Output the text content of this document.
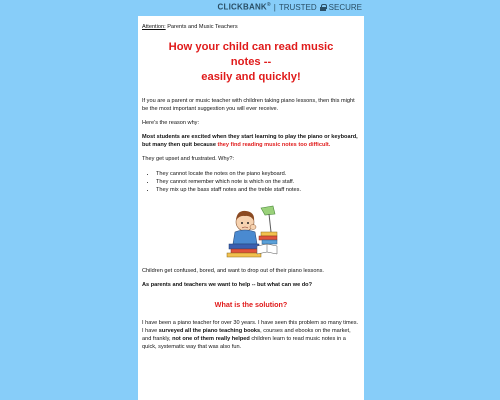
CLICKBANK® | TRUSTED SECURE
Attention: Parents and Music Teachers
How your child can read music
notes --
easily and quickly!

If you are a parent or music teacher with children taking piano lessons, then this might be the most important suggestion you will ever receive.

Here's the reason why:

Most students are excited when they start learning to play the piano or keyboard, but many then quit because they find reading music notes too difficult.

They get upset and frustrated. Why?:

• They cannot locate the notes on the piano keyboard.
• They cannot remember which note is which on the staff.
• They mix up the bass staff notes and the treble staff notes.

Children get confused, bored, and want to drop out of their piano lessons.

As parents and teachers we want to help -- but what can we do?

What is the solution?

I have been a piano teacher for over 30 years. I have seen this problem so many times. I have surveyed all the piano teaching books, courses and ebooks on the market, and frankly, not one of them really helped children learn to read music notes in a quick, systematic way that was also fun.
